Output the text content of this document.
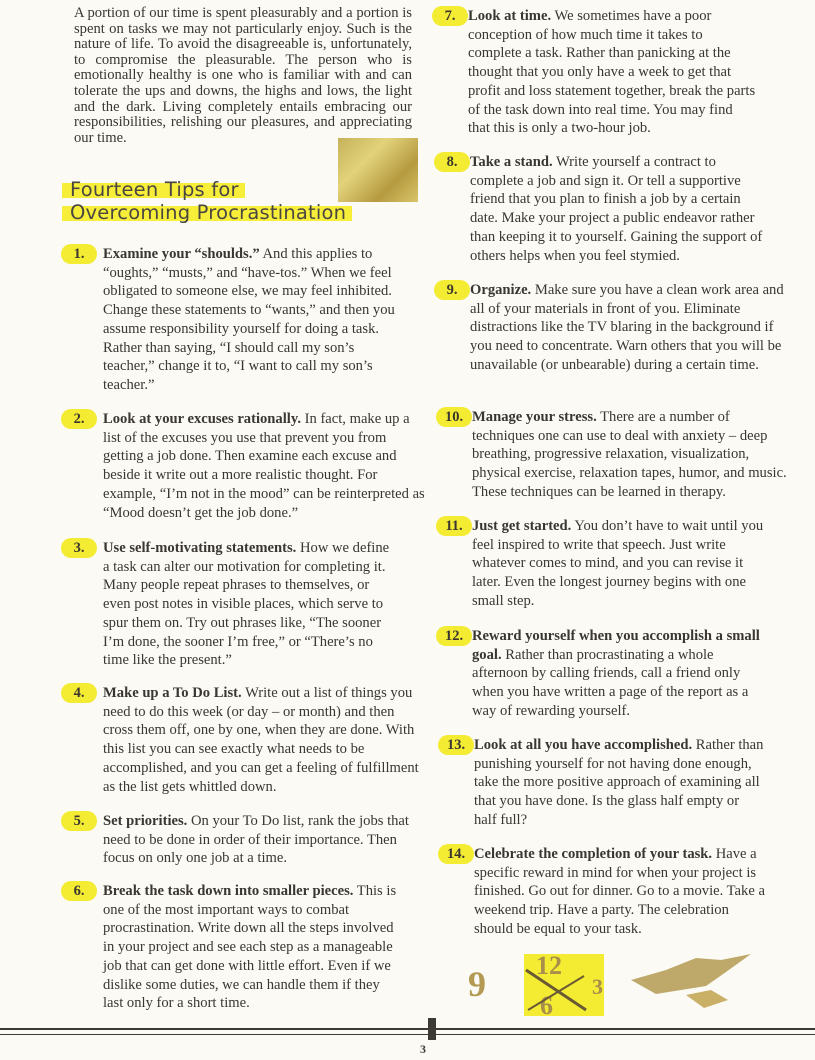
A portion of our time is spent pleasurably and a portion is spent on tasks we may not particularly enjoy. Such is the nature of life. To avoid the disagreeable is, unfortunately, to compromise the pleasurable. The person who is emotionally healthy is one who is familiar with and can tolerate the ups and downs, the highs and lows, the light and the dark. Living completely entails embracing our responsibilities, relishing our pleasures, and appreciating our time.

Fourteen Tips for
Overcoming Procrastination
1.	Examine your “shoulds.” And this applies to “oughts,” “musts,” and “have-tos.” When we feel obligated to someone else, we may feel inhibited. Change these statements to “wants,” and then you assume responsibility yourself for doing a task. Rather than saying, “I should call my son’s teacher,” change it to, “I want to call my son’s teacher.”
2.	Look at your excuses rationally. In fact, make up a list of the excuses you use that prevent you from getting a job done. Then examine each excuse and beside it write out a more realistic thought. For example, “I’m not in the mood” can be reinterpreted as “Mood doesn’t get the job done.”
3.	Use self-motivating statements. How we define a task can alter our motivation for completing it. Many people repeat phrases to themselves, or even post notes in visible places, which serve to spur them on. Try out phrases like, “The sooner I’m done, the sooner I’m free,” or “There’s no time like the present.”
4.	Make up a To Do List. Write out a list of things you need to do this week (or day – or month) and then cross them off, one by one, when they are done. With this list you can see exactly what needs to be accomplished, and you can get a feeling of fulfillment as the list gets whittled down.
5.	Set priorities. On your To Do list, rank the jobs that need to be done in order of their importance. Then focus on only one job at a time.
6.	Break the task down into smaller pieces. This is one of the most important ways to combat procrastination. Write down all the steps involved in your project and see each step as a manageable job that can get done with little effort. Even if we dislike some duties, we can handle them if they last only for a short time.
7. Look at time. We sometimes have a poor conception of how much time it takes to complete a task. Rather than panicking at the thought that you only have a week to get that profit and loss statement together, break the parts of the task down into real time. You may find that this is only a two-hour job.
8. Take a stand. Write yourself a contract to complete a job and sign it. Or tell a supportive friend that you plan to finish a job by a certain date. Make your project a public endeavor rather than keeping it to yourself. Gaining the support of others helps when you feel stymied.
9. Organize. Make sure you have a clean work area and all of your materials in front of you. Eliminate distractions like the TV blaring in the background if you need to concentrate. Warn others that you will be unavailable (or unbearable) during a certain time.
10. Manage your stress. There are a number of techniques one can use to deal with anxiety – deep breathing, progressive relaxation, visualization, physical exercise, relaxation tapes, humor, and music. These techniques can be learned in therapy.
11. Just get started. You don’t have to wait until you feel inspired to write that speech. Just write whatever comes to mind, and you can revise it later. Even the longest journey begins with one small step.
12. Reward yourself when you accomplish a small goal. Rather than procrastinating a whole afternoon by calling friends, call a friend only when you have written a page of the report as a way of rewarding yourself.
13. Look at all you have accomplished. Rather than punishing yourself for not having done enough, take the more positive approach of examining all that you have done. Is the glass half empty or half full?
14. Celebrate the completion of your task. Have a specific reward in mind for when your project is finished. Go out for dinner. Go to a movie. Take a weekend trip. Have a party. The celebration should be equal to your task.
9 12
3
6
3
